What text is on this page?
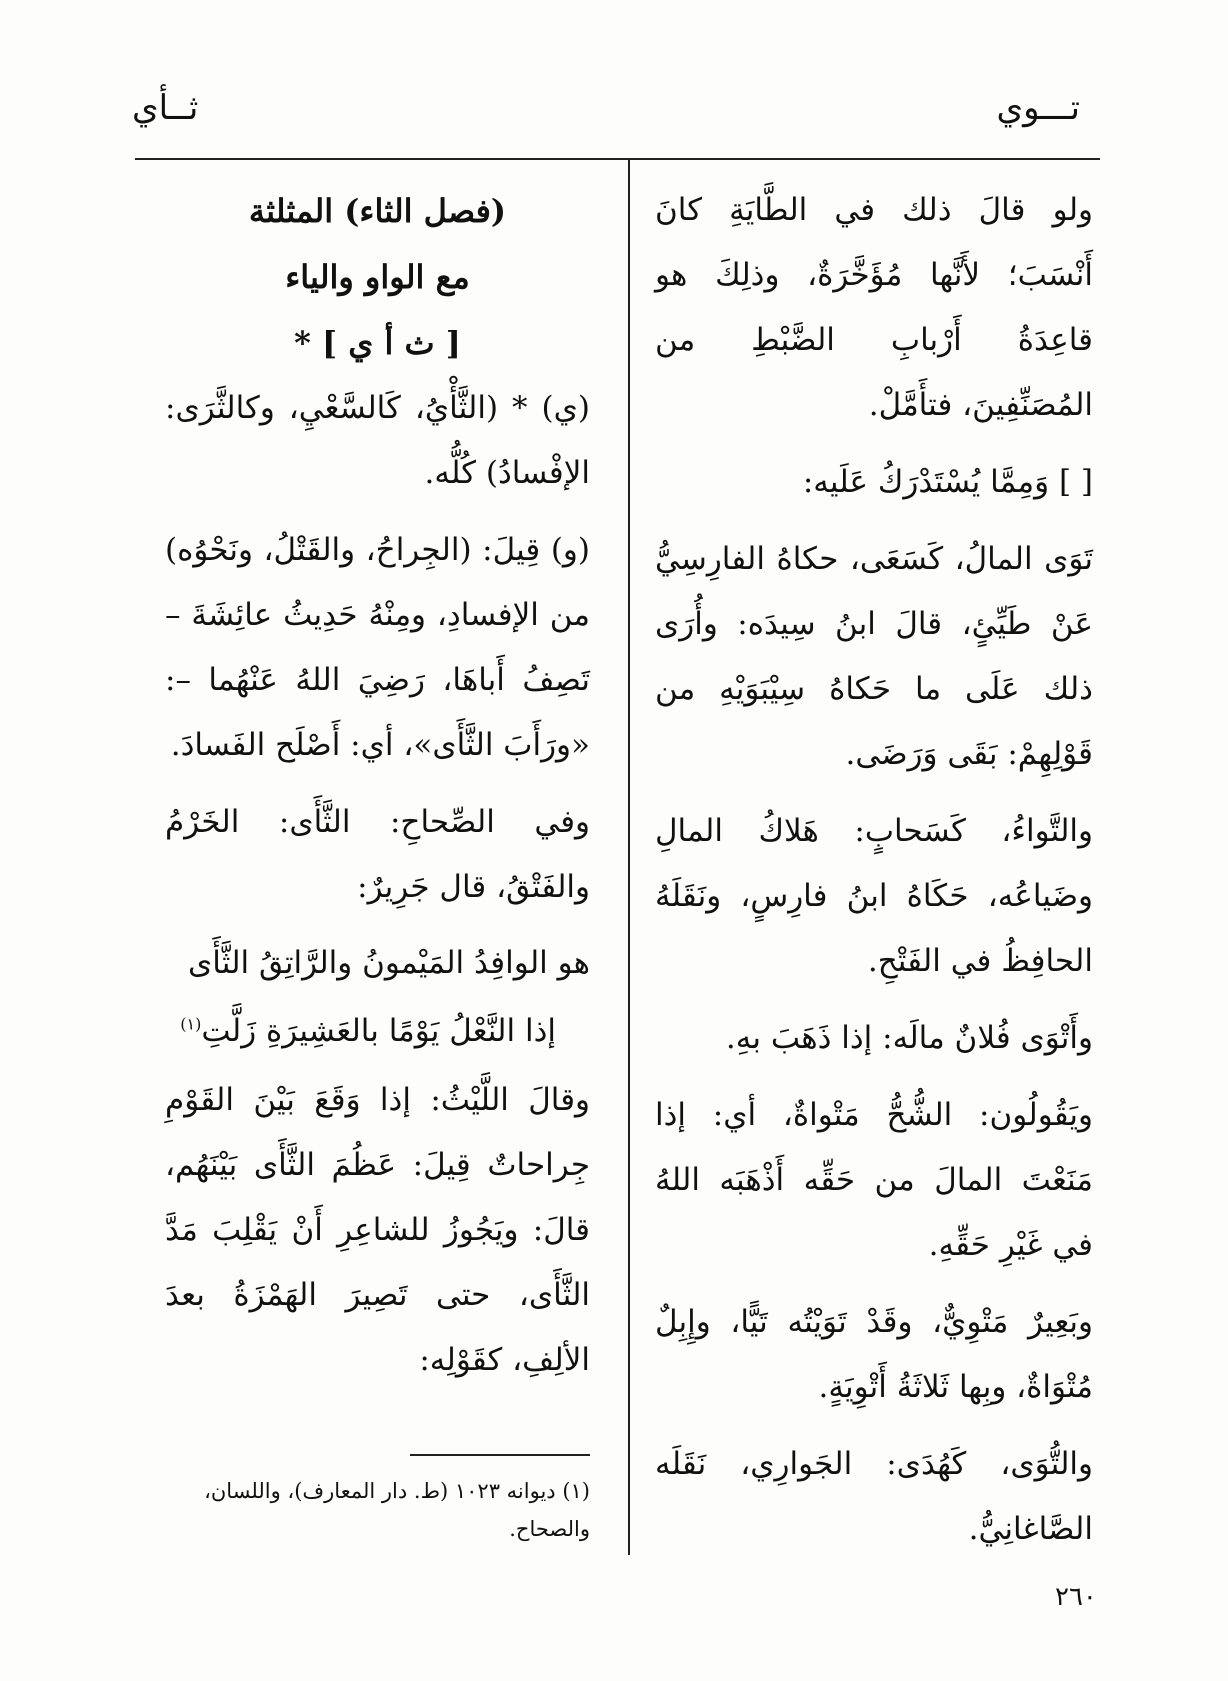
تـــوي
ثــأي

ولو قالَ ذلك في الطَّايَةِ كانَ أَنْسَبَ؛ لأَنَّها مُؤَخَّرَةٌ، وذلِكَ هو قاعِدَةُ أَرْبابِ الضَّبْطِ من المُصَنِّفِينَ، فتأَمَّلْ.

[ ] وَمِمَّا يُسْتَدْرَكُ عَلَيه:

تَوَى المالُ، كَسَعَى، حكاهُ الفارِسِيُّ عَنْ طَيِّئٍ، قالَ ابنُ سِيدَه: وأُرَى ذلك عَلَى ما حَكاهُ سِيْبَوَيْهِ من قَوْلِهِمْ: بَقَى وَرَضَى.

والتَّواءُ، كَسَحابٍ: هَلاكُ المالِ وضَياعُه، حَكَاهُ ابنُ فارِسٍ، ونَقَلَهُ الحافِظُ في الفَتْحِ.

وأَتْوَى فُلانٌ مالَه: إذا ذَهَبَ بهِ.

ويَقُولُون: الشُّحُّ مَتْواةٌ، أي: إذا مَنَعْتَ المالَ من حَقِّه أَذْهَبَه اللهُ في غَيْرِ حَقِّهِ.

وبَعِيرٌ مَتْوِيٌّ، وقَدْ تَوَيْتُه تَيًّا، وإِبِلٌ مُتْوَاةٌ، وبِها ثَلاثَةُ أَتْوِيَةٍ.

والتُّوَى، كَهُدَى: الجَوارِي، نَقَلَه الصَّاغانِيُّ.

(فصل الثاء) المثلثة

مع الواو والياء

[ ث أ ي ] *

(ي) * (الثَّأْيُ، كَالسَّعْيِ، وكالثَّرَى: الإفْسادُ) كُلُّه.

(و) قِيلَ: (الجِراحُ، والقَتْلُ، ونَحْوُه) من الإفسادِ، ومِنْهُ حَدِيثُ عائِشَةَ – تَصِفُ أَباهَا، رَضِيَ اللهُ عَنْهُما –: «ورَأَبَ الثَّأَى»، أي: أَصْلَح الفَسادَ.

وفي الصِّحاحِ: الثَّأَى: الخَرْمُ والفَتْقُ، قال جَرِيرٌ:

هو الوافِدُ المَيْمونُ والرَّاتِقُ الثَّأَى

إذا النَّعْلُ يَوْمًا بالعَشِيرَةِ زَلَّتِ$^{(١)}$

وقالَ اللَّيْثُ: إذا وَقَعَ بَيْنَ القَوْمِ جِراحاتٌ قِيلَ: عَظُمَ الثَّأَى بَيْنَهُم، قالَ: ويَجُوزُ للشاعِرِ أَنْ يَقْلِبَ مَدَّ الثَّأَى، حتى تَصِيرَ الهَمْزَةُ بعدَ الألِفِ، كقَوْلِه:

(١) ديوانه ١٠٢٣ (ط. دار المعارف)، واللسان، والصحاح.
٢٦٠
